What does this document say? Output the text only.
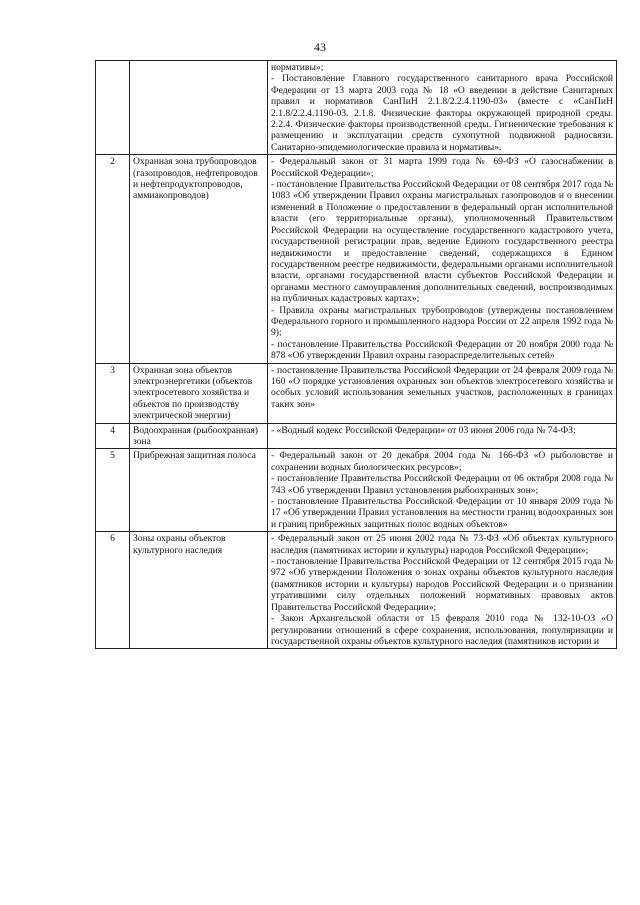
43

		нормативы»;
- Постановление Главного государственного санитарного врача Российской Федерации от 13 марта 2003 года № 18 «О введении в действие Санитарных правил и нормативов СанПиН 2.1.8/2.2.4.1190-03» (вместе с «СанПиН 2.1.8/2.2.4.1190-03. 2.1.8. Физические факторы окружающей природной среды. 2.2.4. Физические факторы производственной среды. Гигиенические требования к размещению и эксплуатации средств сухопутной подвижной радиосвязи. Санитарно-эпидемиологические правила и нормативы».

2	Охранная зона трубопроводов (газопроводов, нефтепроводов и нефтепродуктопроводов, аммиакопроводов)	- Федеральный закон от 31 марта 1999 года № 69-ФЗ «О газоснабжении в Российской Федерации»;
- постановление Правительства Российской Федерации от 08 сентября 2017 года № 1083 «Об утверждении Правил охраны магистральных газопроводов и о внесении изменений в Положение о предоставлении в федеральный орган исполнительной власти (его территориальные органы), уполномоченный Правительством Российской Федерации на осуществление государственного кадастрового учета, государственной регистрации прав, ведение Единого государственного реестра недвижимости и предоставление сведений, содержащихся в Едином государственном реестре недвижимости, федеральными органами исполнительной власти, органами государственной власти субъектов Российской Федерации и органами местного самоуправления дополнительных сведений, воспроизводимых на публичных кадастровых картах»;
- Правила охраны магистральных трубопроводов (утверждены постановлением Федерального горного и промышленного надзора России от 22 апреля 1992 года № 9);
- постановление Правительства Российской Федерации от 20 ноября 2000 года № 878 «Об утверждении Правил охраны газораспределительных сетей»

3	Охранная зона объектов электроэнергетики (объектов электросетевого хозяйства и объектов по производству электрической энергии)	- постановление Правительства Российской Федерации от 24 февраля 2009 года № 160 «О порядке установления охранных зон объектов электросетевого хозяйства и особых условий использования земельных участков, расположенных в границах таких зон»

4	Водоохранная (рыбоохранная) зона	- «Водный кодекс Российской Федерации» от 03 июня 2006 года № 74-ФЗ;

5	Прибрежная защитная полоса	- Федеральный закон от 20 декабря 2004 года № 166-ФЗ «О рыболовстве и сохранении водных биологических ресурсов»;
- постановление Правительства Российской Федерации от 06 октября 2008 года № 743 «Об утверждении Правил установления рыбоохранных зон»;
- постановление Правительства Российской Федерации от 10 января 2009 года № 17 «Об утверждении Правил установления на местности границ водоохранных зон и границ прибрежных защитных полос водных объектов»

6	Зоны охраны объектов культурного наследия	- Федеральный закон от 25 июня 2002 года № 73-ФЗ «Об объектах культурного наследия (памятниках истории и культуры) народов Российской Федерации»;
- постановление Правительства Российской Федерации от 12 сентября 2015 года № 972 «Об утверждении Положения о зонах охраны объектов культурного наследия (памятников истории и культуры) народов Российской Федерации и о признании утратившими силу отдельных положений нормативных правовых актов Правительства Российской Федерации»;
- Закон Архангельской области от 15 февраля 2010 года № 132-10-ОЗ «О регулировании отношений в сфере сохранения, использования, популяризации и государственной охраны объектов культурного наследия (памятников истории и
